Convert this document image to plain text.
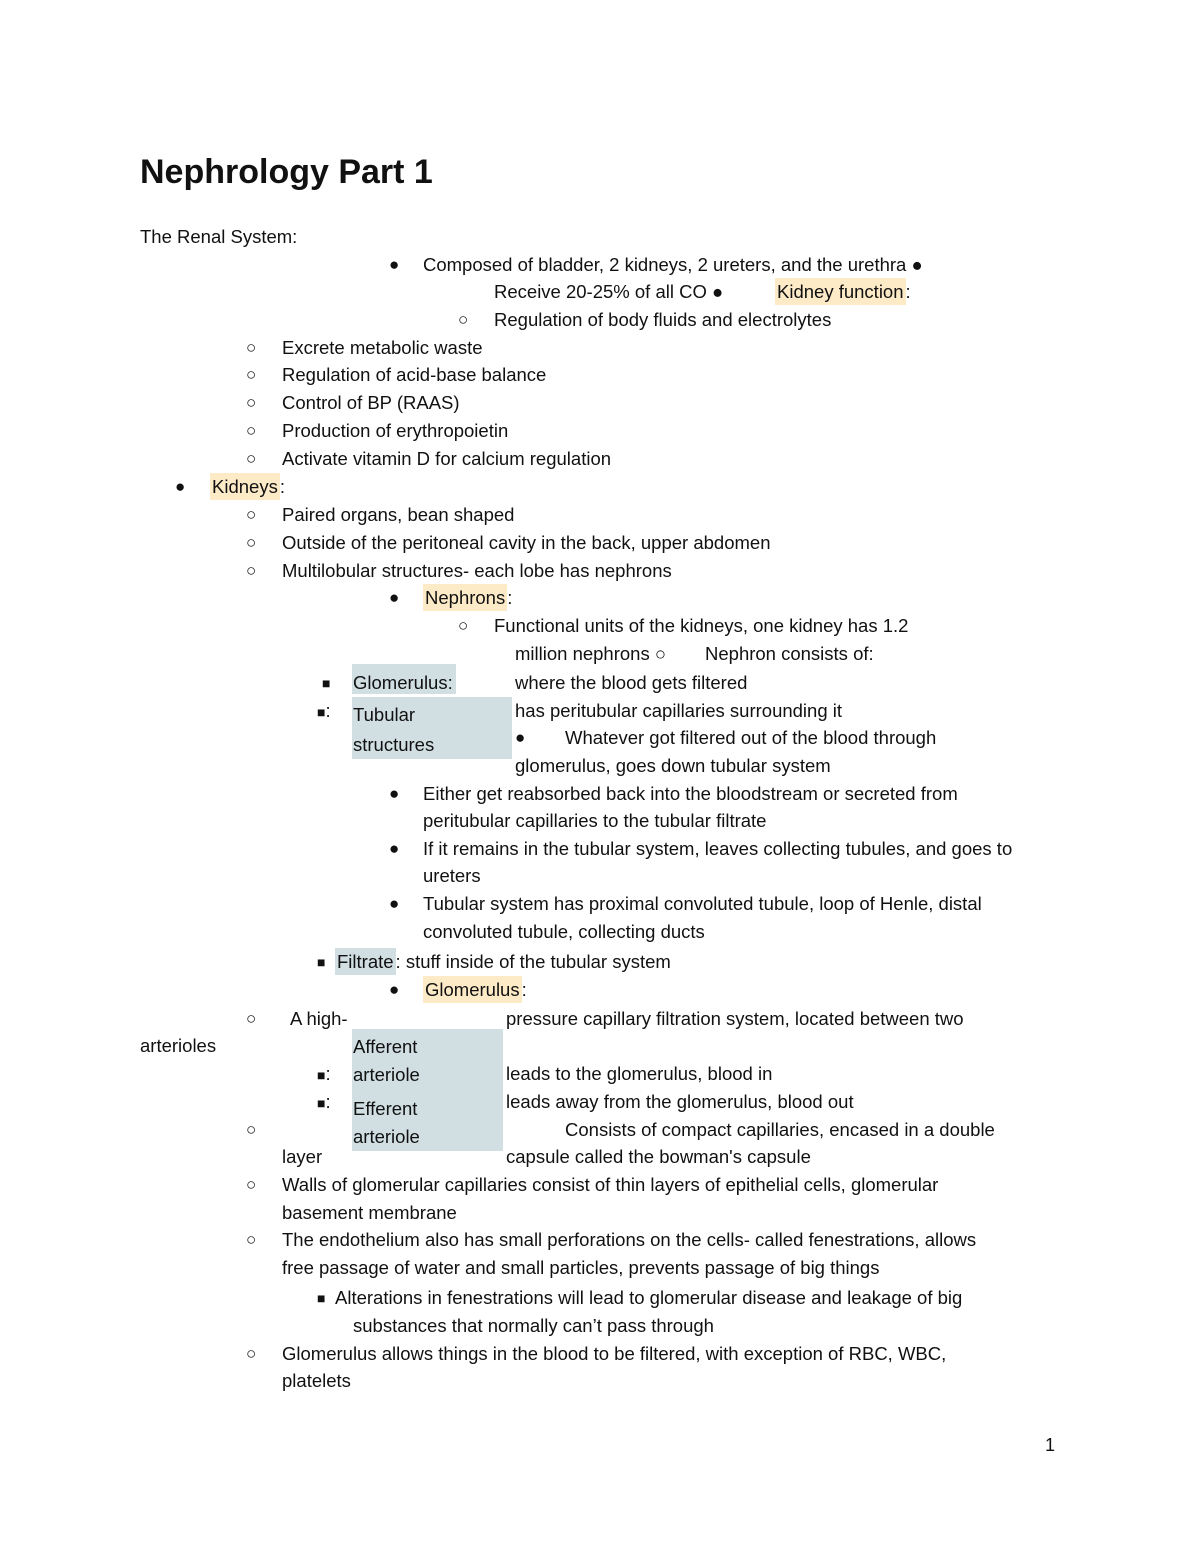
Nephrology Part 1
The Renal System:
● Composed of bladder, 2 kidneys, 2 ureters, and the urethra ●
Receive 20-25% of all CO ●	Kidney function :
○ Regulation of body fluids and electrolytes
○ Excrete metabolic waste
○ Regulation of acid-base balance
○ Control of BP (RAAS)
○ Production of erythropoietin
○ Activate vitamin D for calcium regulation
● Kidneys :
○ Paired organs, bean shaped
○ Outside of the peritoneal cavity in the back, upper abdomen
○ Multilobular structures- each lobe has nephrons
● Nephrons :
○ Functional units of the kidneys, one kidney has 1.2
million nephrons ○ Nephron consists of:
■ Glomerulus:	where the blood gets filtered
■: Tubular
structures
has peritubular capillaries surrounding it
● Whatever got filtered out of the blood through
glomerulus, goes down tubular system
● Either get reabsorbed back into the bloodstream or secreted from
peritubular capillaries to the tubular filtrate
● If it remains in the tubular system, leaves collecting tubules, and goes to
ureters
● Tubular system has proximal convoluted tubule, loop of Henle, distal
convoluted tubule, collecting ducts
■ Filtrate : stuff inside of the tubular system
● Glomerulus :
○ A high-	pressure capillary filtration system, located between two
arterioles	Afferent
arteriole
■:	leads to the glomerulus, blood in
■: Efferent
arteriole
leads away from the glomerulus, blood out
○	Consists of compact capillaries, encased in a double
layer	capsule called the bowman's capsule
○ Walls of glomerular capillaries consist of thin layers of epithelial cells, glomerular
basement membrane
○ The endothelium also has small perforations on the cells- called fenestrations, allows
free passage of water and small particles, prevents passage of big things
■ Alterations in fenestrations will lead to glomerular disease and leakage of big
substances that normally can’t pass through
○ Glomerulus allows things in the blood to be filtered, with exception of RBC, WBC,
platelets
1
